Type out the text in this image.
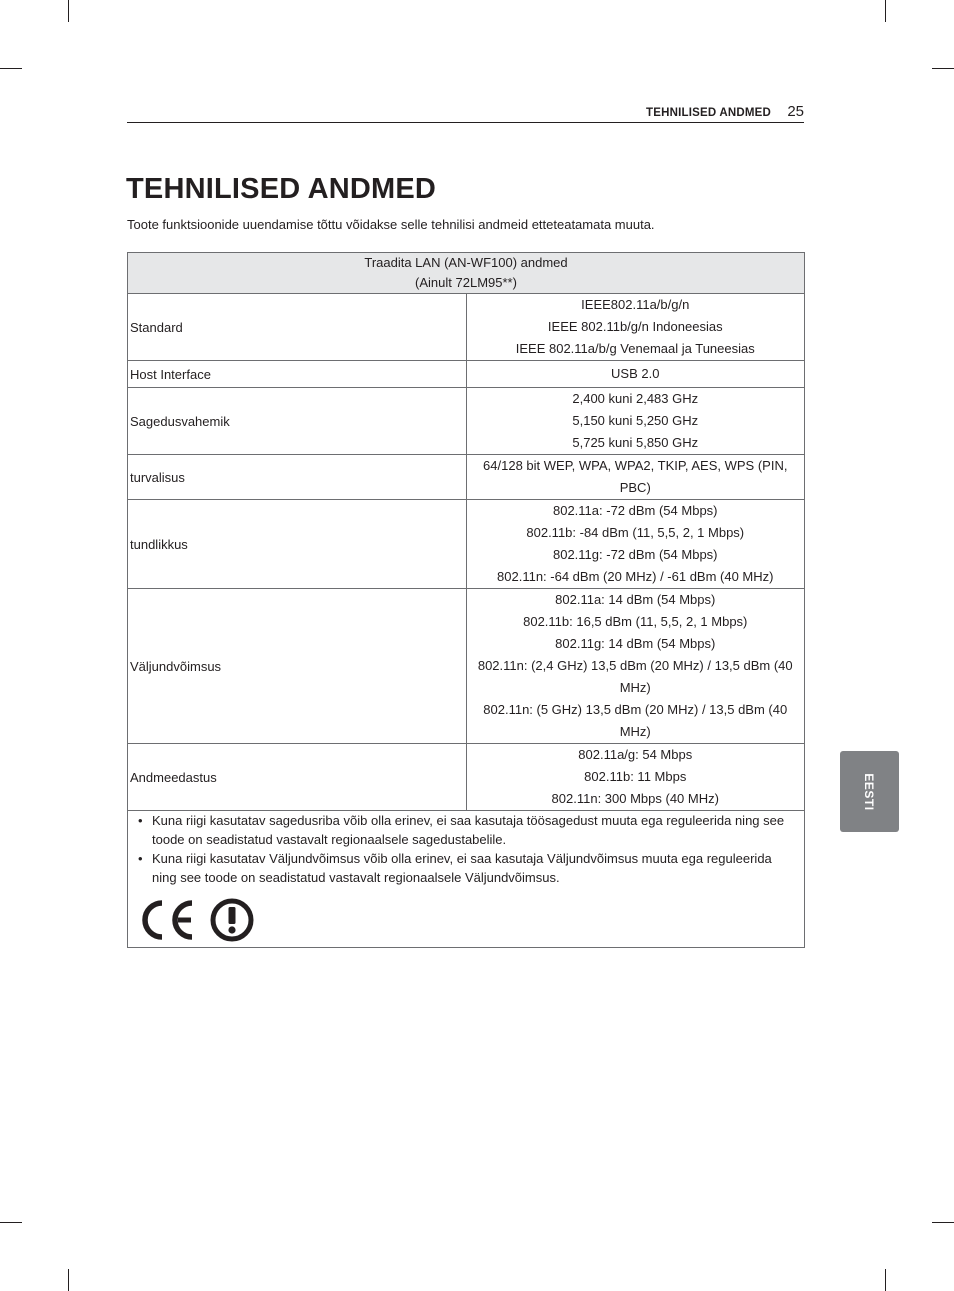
TEHNILISED ANDMED 25
TEHNILISED ANDMED
Toote funktsioonide uuendamise tõttu võidakse selle tehnilisi andmeid etteteatamata muuta.
Traadita LAN (AN-WF100) andmed
(Ainult 72LM95**)	

Standard	IEEE802.11a/b/g/n
IEEE 802.11b/g/n Indoneesias
IEEE 802.11a/b/g Venemaal ja Tuneesias

Host Interface	USB 2.0

Sagedusvahemik	2,400 kuni 2,483 GHz
5,150 kuni 5,250 GHz
5,725 kuni 5,850 GHz

turvalisus	64/128 bit WEP, WPA, WPA2, TKIP, AES, WPS (PIN, PBC)

tundlikkus	802.11a: -72 dBm (54 Mbps)
802.11b: -84 dBm (11, 5,5, 2, 1 Mbps)
802.11g: -72 dBm (54 Mbps)
802.11n: -64 dBm (20 MHz) / -61 dBm (40 MHz)

Väljundvõimsus	802.11a: 14 dBm (54 Mbps)
802.11b: 16,5 dBm (11, 5,5, 2, 1 Mbps)
802.11g: 14 dBm (54 Mbps)
802.11n: (2,4 GHz) 13,5 dBm (20 MHz) / 13,5 dBm (40 MHz)
802.11n: (5 GHz) 13,5 dBm (20 MHz) / 13,5 dBm (40 MHz)

Andmeedastus	802.11a/g: 54 Mbps
802.11b: 11 Mbps
802.11n: 300 Mbps (40 MHz)

• Kuna riigi kasutatav sagedusriba võib olla erinev, ei saa kasutaja töösagedust muuta ega reguleerida ning see toode on seadistatud vastavalt regionaalsele sagedustabelile.
• Kuna riigi kasutatav Väljundvõimsus võib olla erinev, ei saa kasutaja Väljundvõimsus muuta ega reguleerida ning see toode on seadistatud vastavalt regionaalsele Väljundvõimsus.	
EESTI
